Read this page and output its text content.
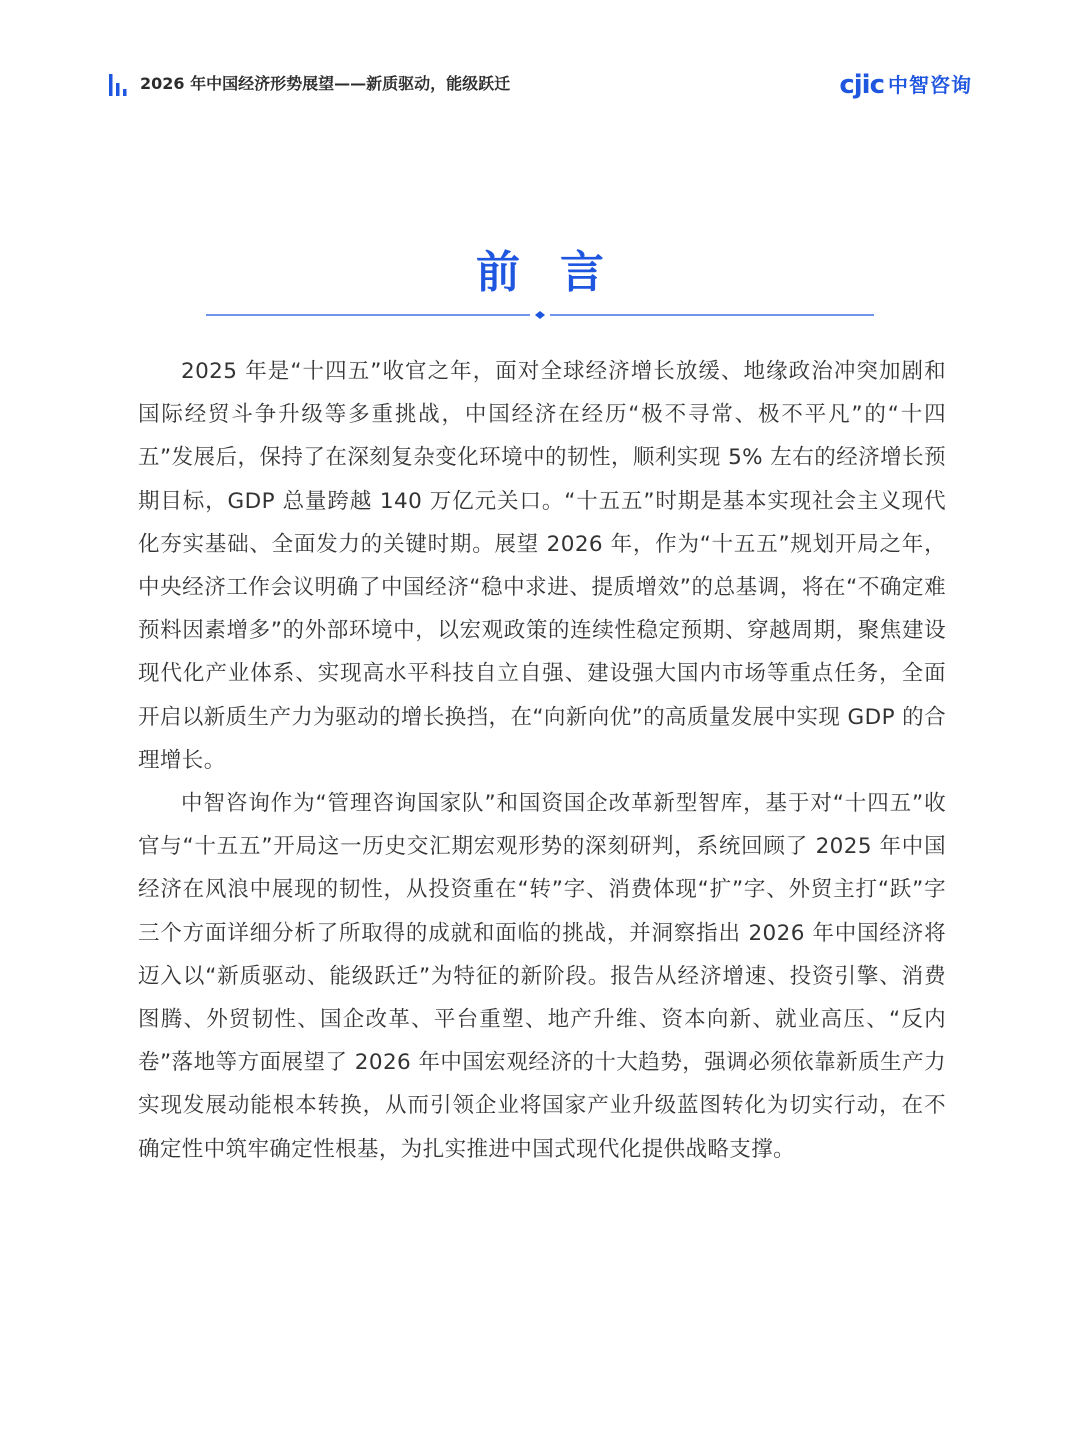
2026 年中国经济形势展望——新质驱动，能级跃迁	cjic 中智咨询
前言

2025 年是“十四五”收官之年，面对全球经济增长放缓、地缘政治冲突加剧和国际经贸斗争升级等多重挑战，中国经济在经历“极不寻常、极不平凡”的“十四五”发展后，保持了在深刻复杂变化环境中的韧性，顺利实现 5% 左右的经济增长预期目标，GDP 总量跨越 140 万亿元关口。“十五五”时期是基本实现社会主义现代化夯实基础、全面发力的关键时期。展望 2026 年，作为“十五五”规划开局之年，中央经济工作会议明确了中国经济“稳中求进、提质增效”的总基调，将在“不确定难预料因素增多”的外部环境中，以宏观政策的连续性稳定预期、穿越周期，聚焦建设现代化产业体系、实现高水平科技自立自强、建设强大国内市场等重点任务，全面开启以新质生产力为驱动的增长换挡，在“向新向优”的高质量发展中实现 GDP 的合理增长。

中智咨询作为“管理咨询国家队”和国资国企改革新型智库，基于对“十四五”收官与“十五五”开局这一历史交汇期宏观形势的深刻研判，系统回顾了 2025 年中国经济在风浪中展现的韧性，从投资重在“转”字、消费体现“扩”字、外贸主打“跃”字三个方面详细分析了所取得的成就和面临的挑战，并洞察指出 2026 年中国经济将迈入以“新质驱动、能级跃迁”为特征的新阶段。报告从经济增速、投资引擎、消费图腾、外贸韧性、国企改革、平台重塑、地产升维、资本向新、就业高压、“反内卷”落地等方面展望了 2026 年中国宏观经济的十大趋势，强调必须依靠新质生产力实现发展动能根本转换，从而引领企业将国家产业升级蓝图转化为切实行动，在不确定性中筑牢确定性根基，为扎实推进中国式现代化提供战略支撑。
